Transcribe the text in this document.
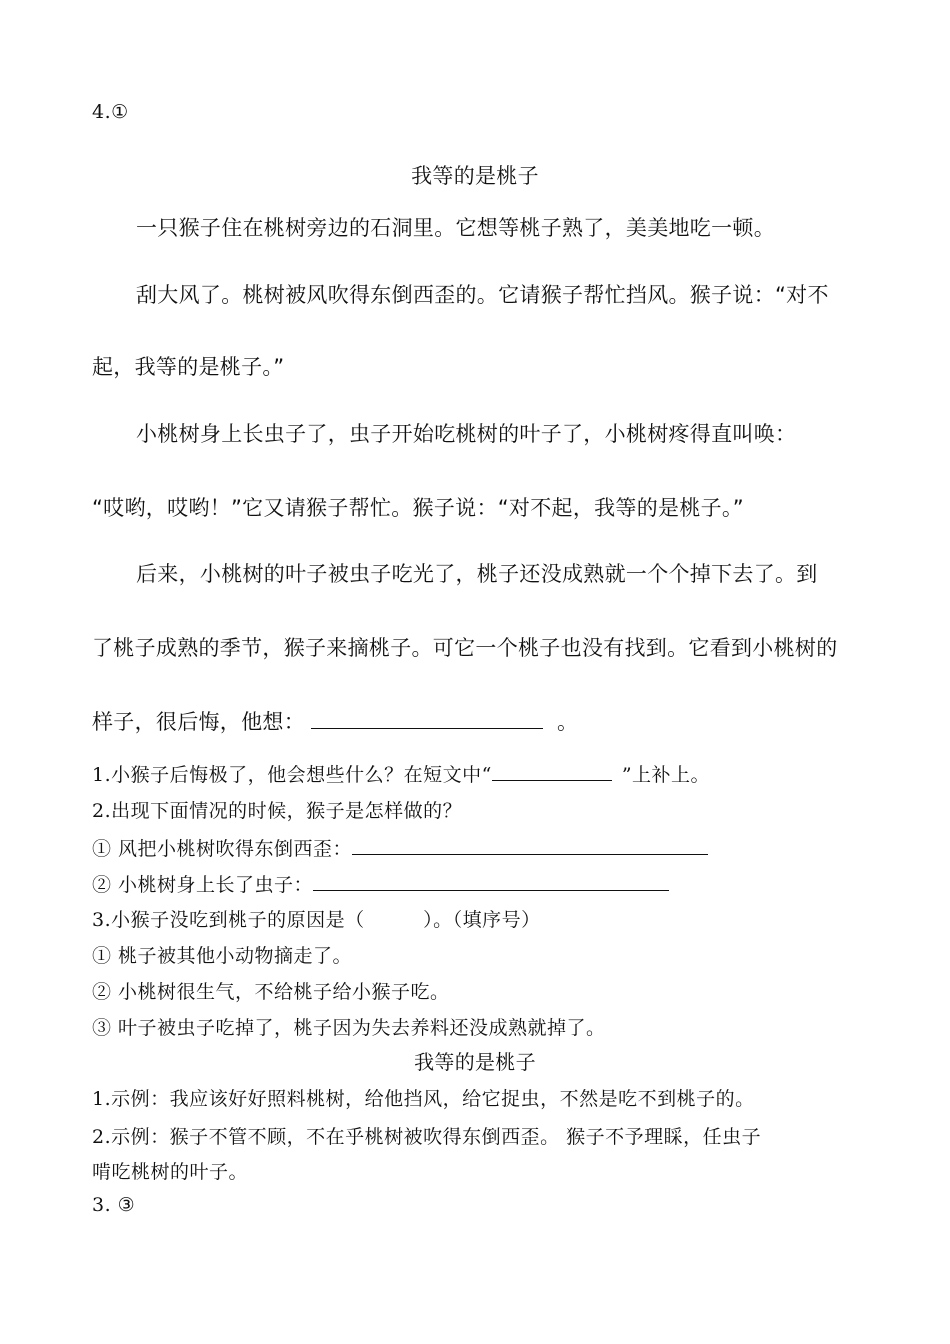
4.①
我等的是桃子
一只猴子住在桃树旁边的石洞里。它想等桃子熟了，美美地吃一顿。
刮大风了。桃树被风吹得东倒西歪的。它请猴子帮忙挡风。猴子说：“对不
起，我等的是桃子。”
小桃树身上长虫子了，虫子开始吃桃树的叶子了，小桃树疼得直叫唤：
“哎哟，哎哟！”它又请猴子帮忙。猴子说：“对不起，我等的是桃子。”
后来，小桃树的叶子被虫子吃光了，桃子还没成熟就一个个掉下去了。到
了桃子成熟的季节，猴子来摘桃子。可它一个桃子也没有找到。它看到小桃树的
样子，很后悔，他想：	。
1.小猴子后悔极了，他会想些什么？在短文中“	”上补上。
2.出现下面情况的时候，猴子是怎样做的？
① 风把小桃树吹得东倒西歪：
② 小桃树身上长了虫子：
3.小猴子没吃到桃子的原因是（　　　）。（填序号）
① 桃子被其他小动物摘走了。
② 小桃树很生气，不给桃子给小猴子吃。
③ 叶子被虫子吃掉了，桃子因为失去养料还没成熟就掉了。
我等的是桃子
1.示例：我应该好好照料桃树，给他挡风，给它捉虫，不然是吃不到桃子的。
2.示例：猴子不管不顾，不在乎桃树被吹得东倒西歪。 猴子不予理睬，任虫子
啃吃桃树的叶子。
3. ③
